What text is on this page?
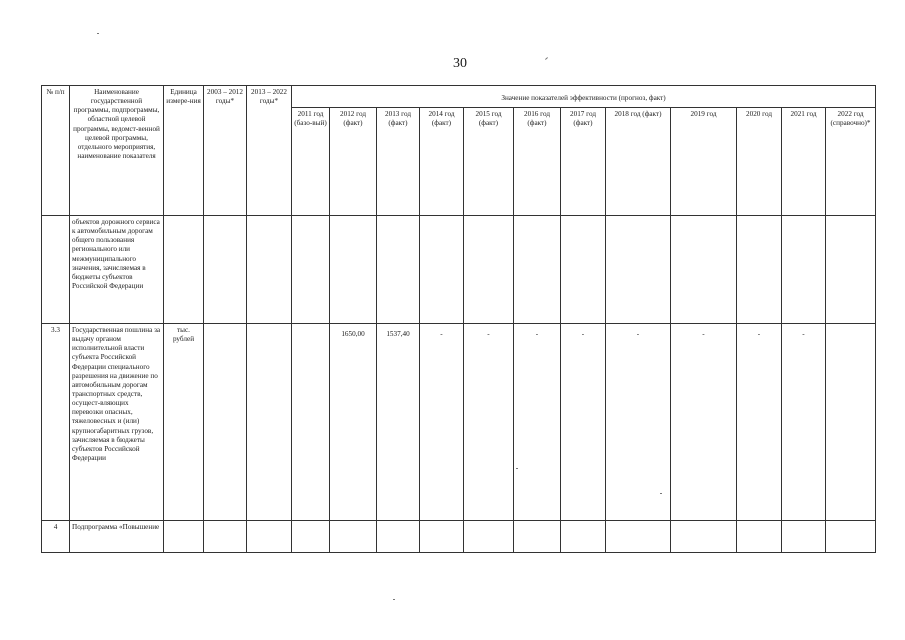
30
№ п/п	Наименование государственной программы, подпрограммы, областной целевой программы, ведомст-венной целевой программы, отдельного мероприятия, наименование показателя	Единица измере-ния	2003 – 2012 годы*	2013 – 2022 годы*	Значение показателей эффективности (прогноз, факт)											
					2011 год (базо-вый)	2012 год (факт)	2013 год (факт)	2014 год (факт)	2015 год (факт)	2016 год (факт)	2017 год (факт)	2018 год (факт)	2019 год	2020 год	2021 год	2022 год (справочно)*
	объектов дорожного сервиса к автомобильным дорогам общего пользования регионального или межмуниципального значения, зачисляемая в бюджеты субъектов Российской Федерации															
3.3	Государственная пошлина за выдачу органом исполнительной власти субъекта Российской Федерации специального разрешения на движение по автомобильным дорогам транспортных средств, осущест-вляющих перевозки опасных, тяжеловесных и (или) крупногабаритных грузов, зачисляемая в бюджеты субъектов Российской Федерации	тыс. рублей				1650,00	1537,40	-	-	-	-	-	-	-	-	
4	Подпрограмма «Повышение															
